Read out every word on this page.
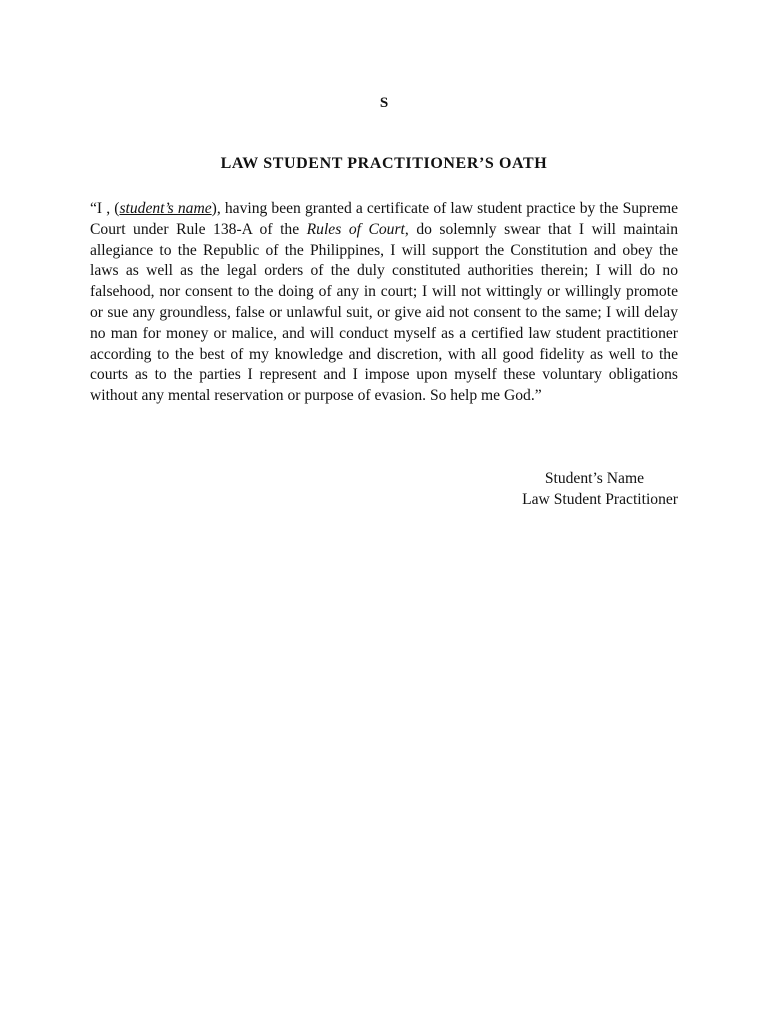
S
LAW STUDENT PRACTITIONER’S OATH

“I , (student’s name), having been granted a certificate of law student practice by the Supreme Court under Rule 138-A of the Rules of Court, do solemnly swear that I will maintain allegiance to the Republic of the Philippines, I will support the Constitution and obey the laws as well as the legal orders of the duly constituted authorities therein; I will do no falsehood, nor consent to the doing of any in court; I will not wittingly or willingly promote or sue any groundless, false or unlawful suit, or give aid not consent to the same; I will delay no man for money or malice, and will conduct myself as a certified law student practitioner according to the best of my knowledge and discretion, with all good fidelity as well to the courts as to the parties I represent and I impose upon myself these voluntary obligations without any mental reservation or purpose of evasion. So help me God.”

Student’s Name
Law Student Practitioner
